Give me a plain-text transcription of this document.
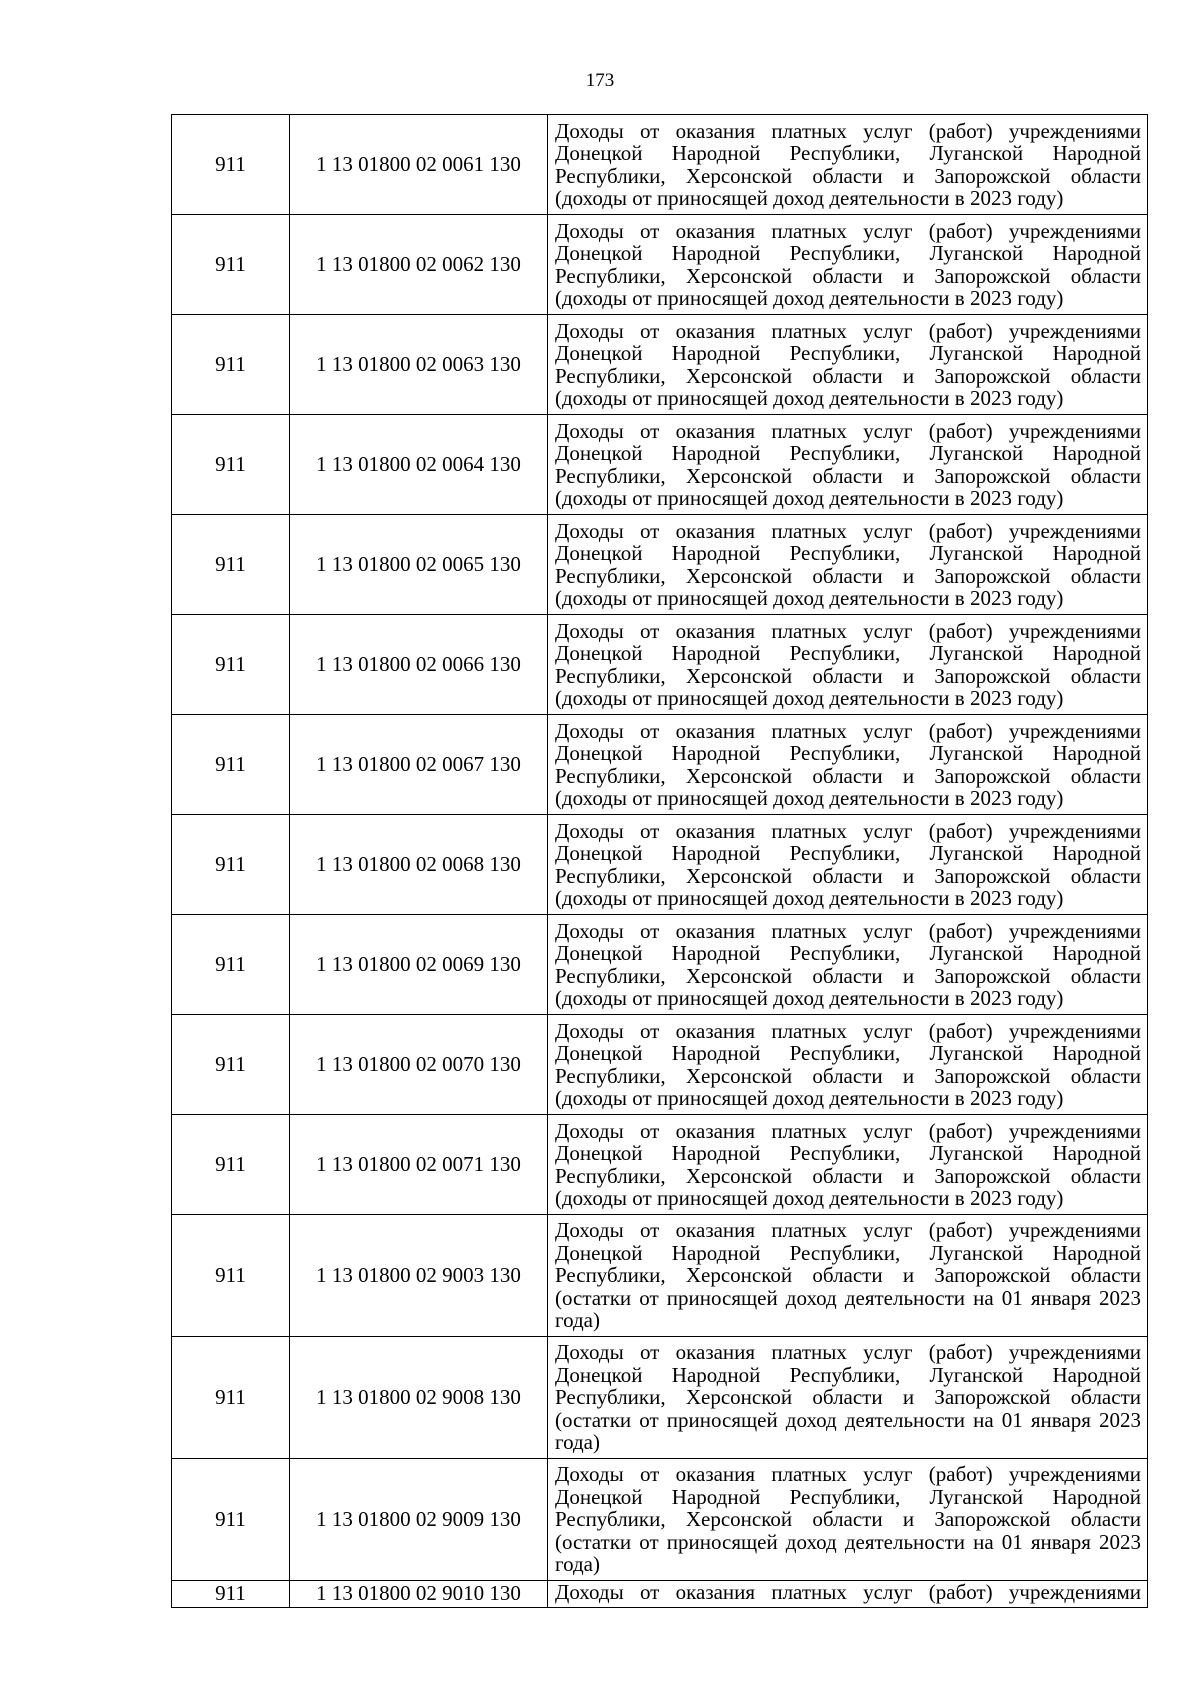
173
911	1 13 01800 02 0061 130	Доходы от оказания платных услуг (работ) учреждениями Донецкой Народной Республики, Луганской Народной Республики, Херсонской области и Запорожской области (доходы от приносящей доход деятельности в 2023 году)
911	1 13 01800 02 0062 130	Доходы от оказания платных услуг (работ) учреждениями Донецкой Народной Республики, Луганской Народной Республики, Херсонской области и Запорожской области (доходы от приносящей доход деятельности в 2023 году)
911	1 13 01800 02 0063 130	Доходы от оказания платных услуг (работ) учреждениями Донецкой Народной Республики, Луганской Народной Республики, Херсонской области и Запорожской области (доходы от приносящей доход деятельности в 2023 году)
911	1 13 01800 02 0064 130	Доходы от оказания платных услуг (работ) учреждениями Донецкой Народной Республики, Луганской Народной Республики, Херсонской области и Запорожской области (доходы от приносящей доход деятельности в 2023 году)
911	1 13 01800 02 0065 130	Доходы от оказания платных услуг (работ) учреждениями Донецкой Народной Республики, Луганской Народной Республики, Херсонской области и Запорожской области (доходы от приносящей доход деятельности в 2023 году)
911	1 13 01800 02 0066 130	Доходы от оказания платных услуг (работ) учреждениями Донецкой Народной Республики, Луганской Народной Республики, Херсонской области и Запорожской области (доходы от приносящей доход деятельности в 2023 году)
911	1 13 01800 02 0067 130	Доходы от оказания платных услуг (работ) учреждениями Донецкой Народной Республики, Луганской Народной Республики, Херсонской области и Запорожской области (доходы от приносящей доход деятельности в 2023 году)
911	1 13 01800 02 0068 130	Доходы от оказания платных услуг (работ) учреждениями Донецкой Народной Республики, Луганской Народной Республики, Херсонской области и Запорожской области (доходы от приносящей доход деятельности в 2023 году)
911	1 13 01800 02 0069 130	Доходы от оказания платных услуг (работ) учреждениями Донецкой Народной Республики, Луганской Народной Республики, Херсонской области и Запорожской области (доходы от приносящей доход деятельности в 2023 году)
911	1 13 01800 02 0070 130	Доходы от оказания платных услуг (работ) учреждениями Донецкой Народной Республики, Луганской Народной Республики, Херсонской области и Запорожской области (доходы от приносящей доход деятельности в 2023 году)
911	1 13 01800 02 0071 130	Доходы от оказания платных услуг (работ) учреждениями Донецкой Народной Республики, Луганской Народной Республики, Херсонской области и Запорожской области (доходы от приносящей доход деятельности в 2023 году)
911	1 13 01800 02 9003 130	Доходы от оказания платных услуг (работ) учреждениями Донецкой Народной Республики, Луганской Народной Республики, Херсонской области и Запорожской области (остатки от приносящей доход деятельности на 01 января 2023 года)
911	1 13 01800 02 9008 130	Доходы от оказания платных услуг (работ) учреждениями Донецкой Народной Республики, Луганской Народной Республики, Херсонской области и Запорожской области (остатки от приносящей доход деятельности на 01 января 2023 года)
911	1 13 01800 02 9009 130	Доходы от оказания платных услуг (работ) учреждениями Донецкой Народной Республики, Луганской Народной Республики, Херсонской области и Запорожской области (остатки от приносящей доход деятельности на 01 января 2023 года)
911	1 13 01800 02 9010 130	Доходы от оказания платных услуг (работ) учреждениями
